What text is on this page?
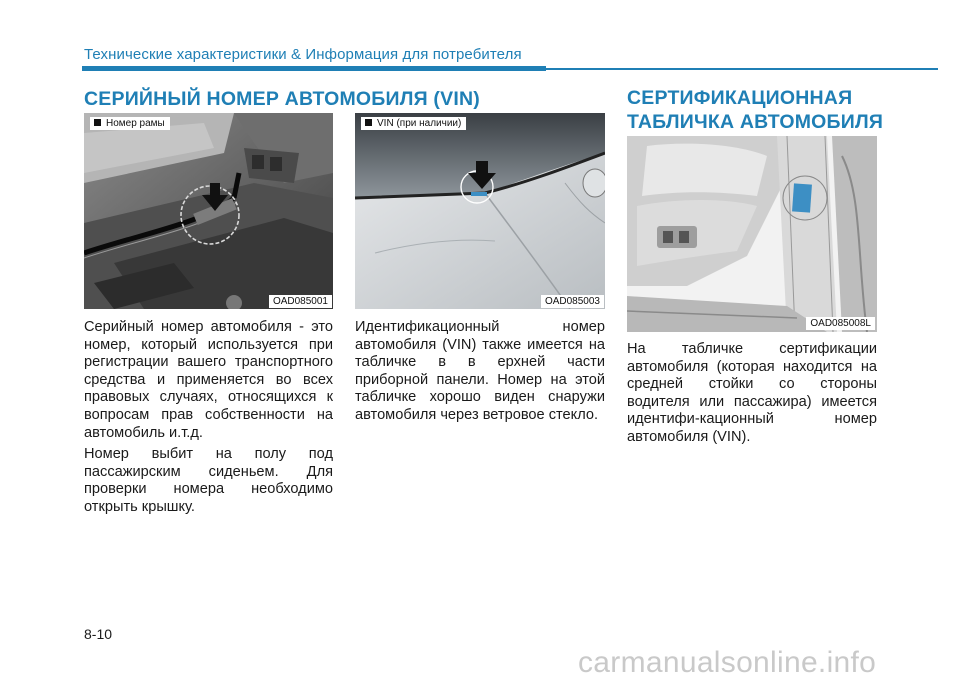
Технические характеристики & Информация для потребителя
СЕРИЙНЫЙ НОМЕР АВТОМОБИЛЯ (VIN)	СЕРТИФИКАЦИОННАЯ ТАБЛИЧКА АВТОМОБИЛЯ
Номер рамы
OAD085001
VIN (при наличии)
OAD085003
OAD085008L

Серийный номер автомобиля - это номер, который используется при регистрации вашего транспортного средства и применяется во всех правовых случаях, относящихся к вопросам прав собственности на автомобиль и.т.д.

Номер выбит на полу под пассажирским сиденьем. Для проверки номера необходимо открыть крышку.

Идентификационный номер автомобиля (VIN) также имеется на табличке в в ерхней части приборной панели. Номер на этой табличке хорошо виден снаружи автомобиля через ветровое стекло.

На табличке сертификации автомобиля (которая находится на средней стойки со стороны водителя или пассажира) имеется идентифи-кационный номер автомобиля (VIN).

8-10
carmanualsonline.info
